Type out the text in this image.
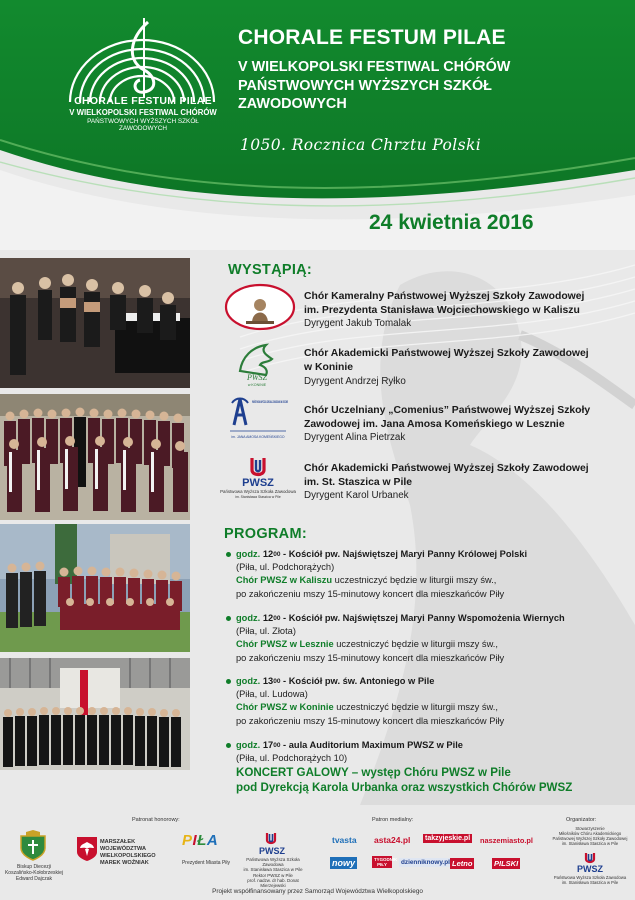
CHORALE FESTUM PILAE
V WIELKOPOLSKI FESTIWAL CHÓRÓW
PAŃSTWOWYCH WYŻSZYCH SZKÓŁ ZAWODOWYCH
CHORALE FESTUM PILAE
V WIELKOPOLSKI FESTIWAL CHÓRÓW
PAŃSTWOWYCH WYŻSZYCH SZKÓŁ
ZAWODOWYCH
1050. Rocznica Chrztu Polski
24 kwietnia 2016
WYSTĄPIĄ:
Chór Kameralny Państwowej Wyższej Szkoły Zawodowej
im. Prezydenta Stanisława Wojciechowskiego w Kaliszu
Dyrygent Jakub Tomalak
PWSZ
w KONINIE
Chór Akademicki Państwowej Wyższej Szkoły Zawodowej
w Koninie
Dyrygent Andrzej Ryłko
PAŃSTWOWA WYŻSZA SZKOŁA ZAWODOWA W LESZNIE
im. JANA AMOSA KOMEŃSKIEGO
Chór Uczelniany „Comenius” Państwowej Wyższej Szkoły
Zawodowej im. Jana Amosa Komeńskiego w Lesznie
Dyrygent Alina Pietrzak
PWSZ
Państwowa Wyższa Szkoła Zawodowa
im. Stanisława Staszica w Pile
Chór Akademicki Państwowej Wyższej Szkoły Zawodowej
im. St. Staszica w Pile
Dyrygent Karol Urbanek
PROGRAM:
godz. $12^{00}$ - Kościół pw. Najświętszej Maryi Panny Królowej Polski
(Piła, ul. Podchorążych)
Chór PWSZ w Kaliszu uczestniczyć będzie w liturgii mszy św.,
po zakończeniu mszy 15-minutowy koncert dla mieszkańców Piły
godz. $12^{00}$ - Kościół pw. Najświętszej Maryi Panny Wspomożenia Wiernych
(Piła, ul. Złota)
Chór PWSZ w Lesznie uczestniczyć będzie w liturgii mszy św.,
po zakończeniu mszy 15-minutowy koncert dla mieszkańców Piły
godz. $13^{00}$ - Kościół pw. św. Antoniego w Pile
(Piła, ul. Ludowa)
Chór PWSZ w Koninie uczestniczyć będzie w liturgii mszy św.,
po zakończeniu mszy 15-minutowy koncert dla mieszkańców Piły
godz. $17^{00}$ - aula Auditorium Maximum PWSZ w Pile
(Piła, ul. Podchorążych 10)
KONCERT GALOWY – występ Chóru PWSZ w Pile
pod Dyrekcją Karola Urbanka oraz wszystkich Chórów PWSZ
Patronat honorowy:	Patron medialny:	Organizator:
Biskup Diecezji
Koszalińsko-Kołobrzeskiej
Edward Dajczak
MARSZAŁEK WOJEWÓDZTWA
WIELKOPOLSKIEGO
MAREK WOŹNIAK
PIŁA
Prezydent Miasta Piły
PWSZ
Państwowa Wyższa Szkoła Zawodowa
im. Stanisława Staszica w Pile
Rektor PWSZ w Pile
prof. nadzw. dr hab. Donat Mierzejewski
tvasta asta24.pl takzyjeskie.pl naszemiasto.pl
nowy	TYGODNIK PIŁY	dzienniknowy.pl Letno	PILSKI
Stowarzyszenie
Miłośników Chóru Akademickiego
Państwowej Wyższej Szkoły Zawodowej
im. Stanisława Staszica w Pile
PWSZ
Państwowa Wyższa Szkoła Zawodowa
im. Stanisława Staszica w Pile
Projekt współfinansowany przez Samorząd Województwa Wielkopolskiego
